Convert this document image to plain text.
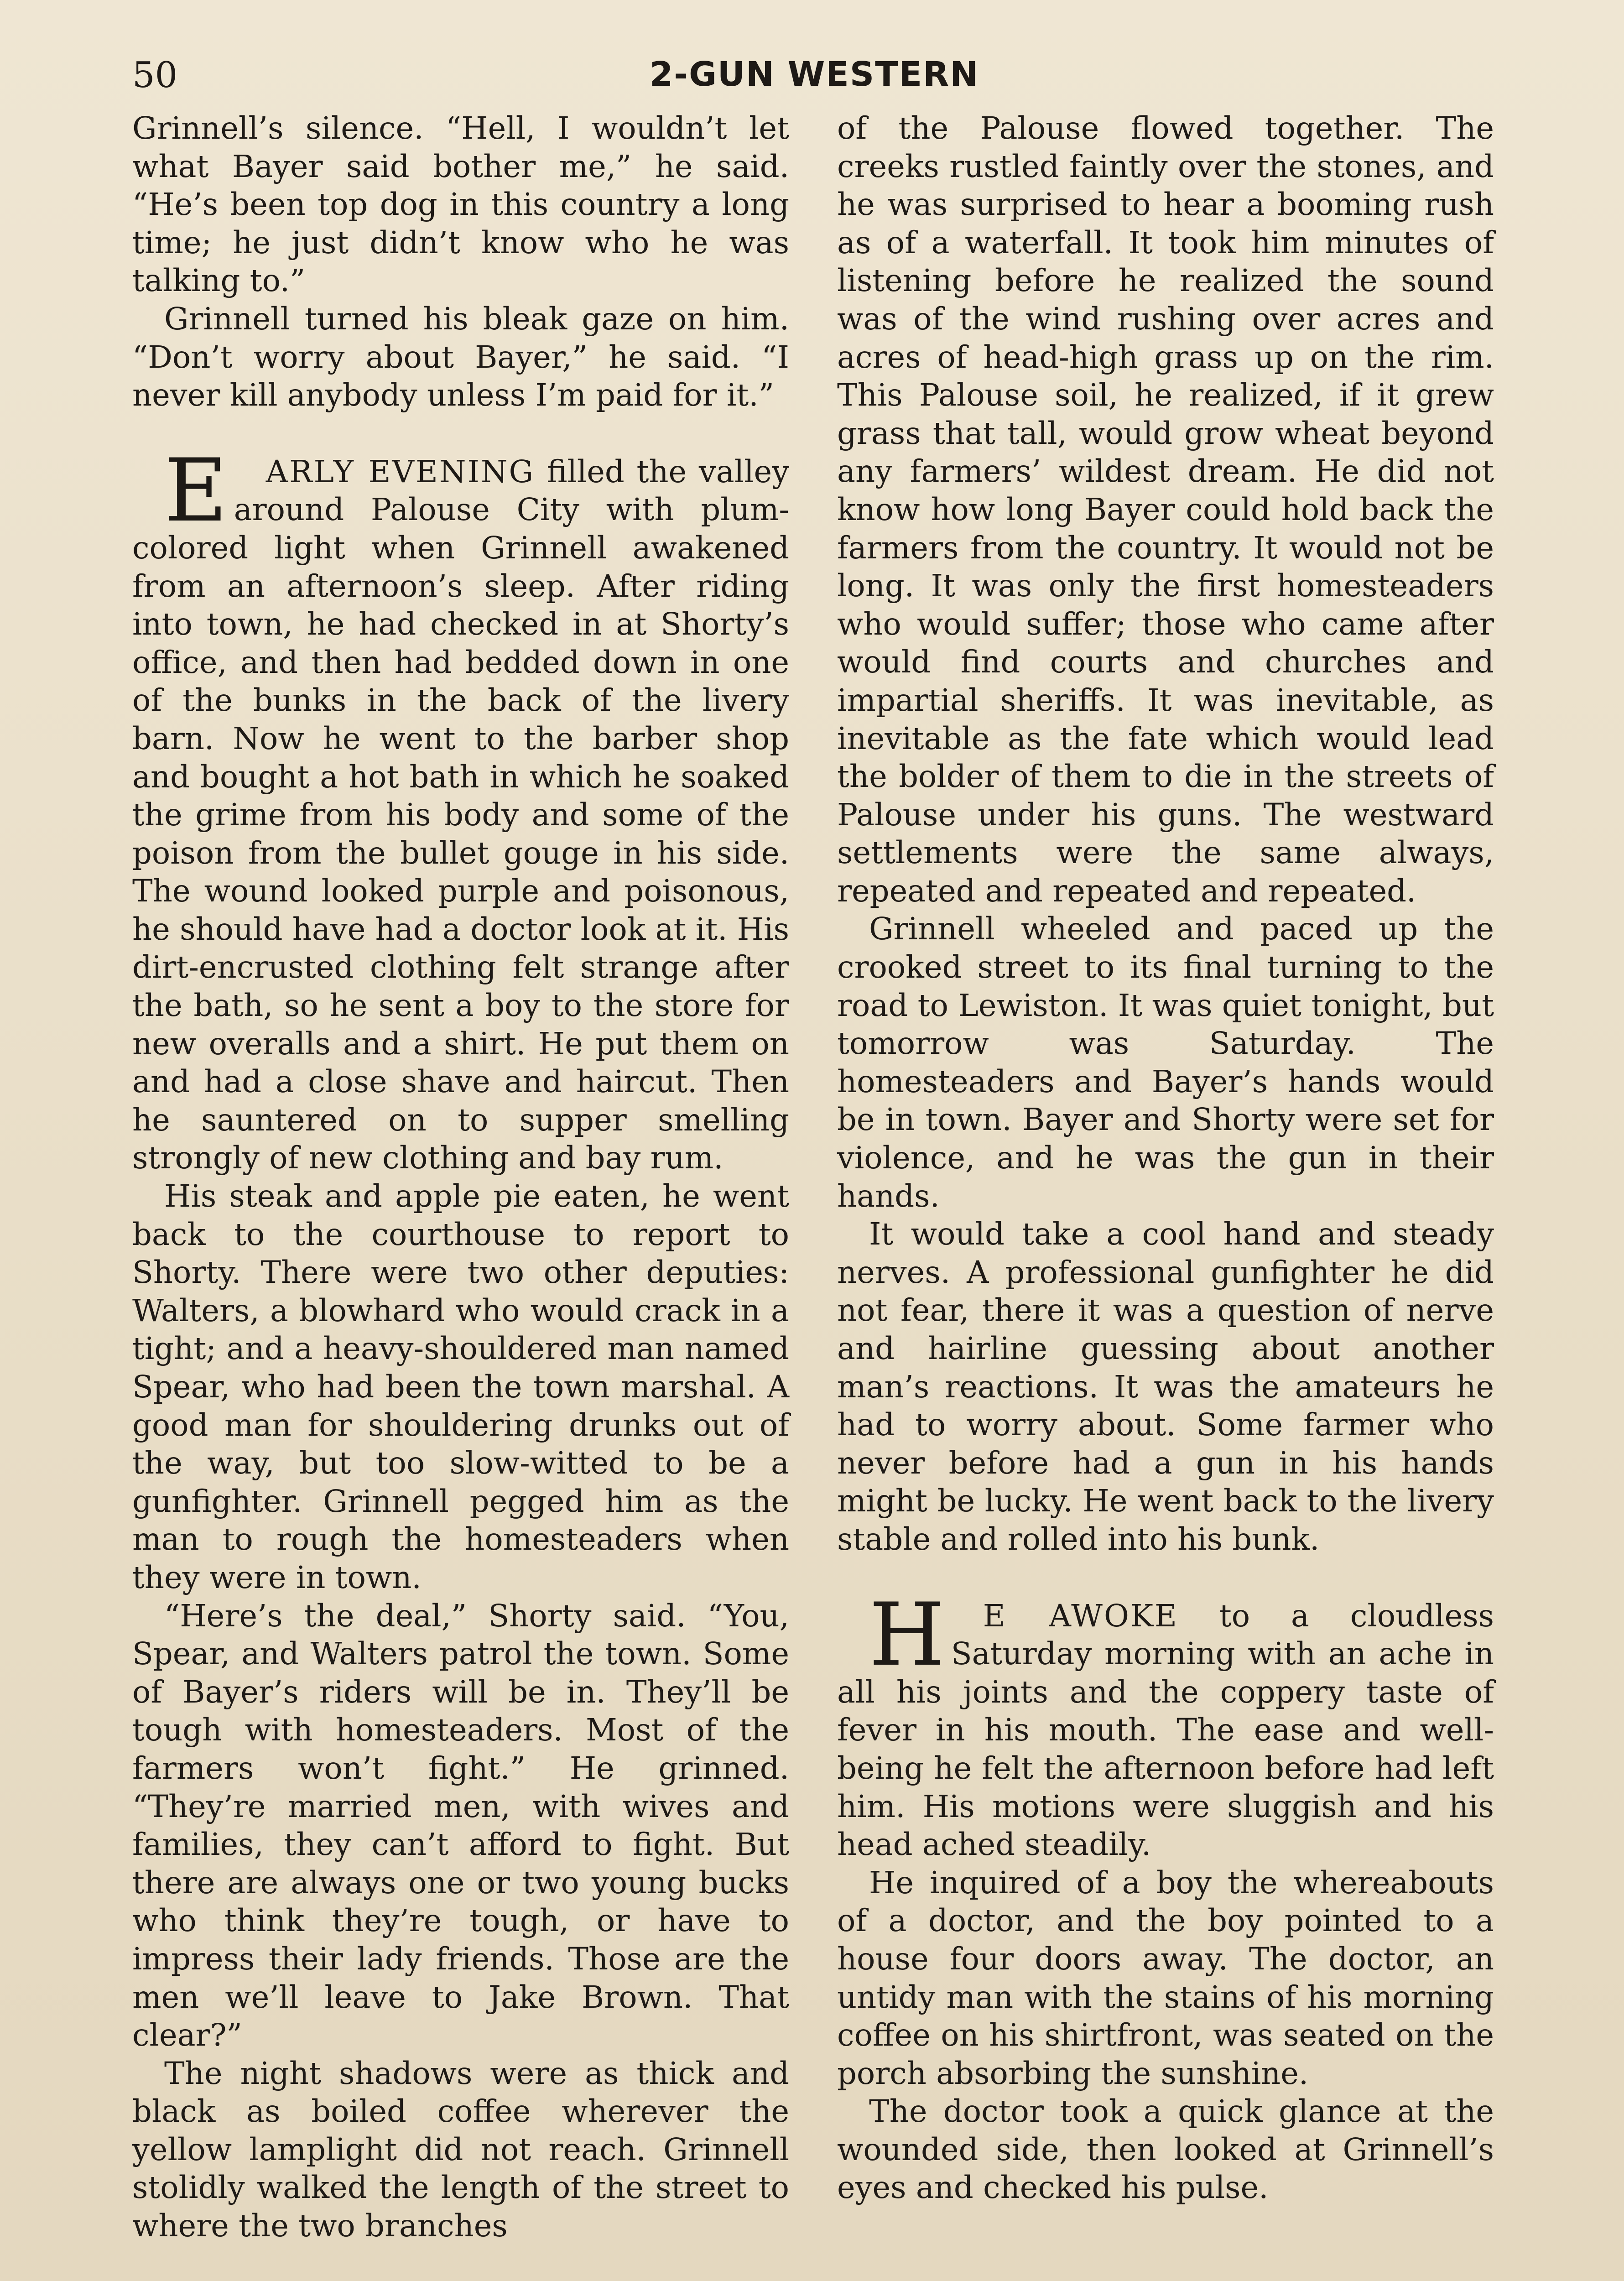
50	2-GUN WESTERN

Grinnell’s silence. “Hell, I wouldn’t let what Bayer said bother me,” he said. “He’s been top dog in this country a long time; he just didn’t know who he was talking to.”

Grinnell turned his bleak gaze on him. “Don’t worry about Bayer,” he said. “I never kill anybody unless I’m paid for it.”

E ARLY EVENING filled the valley around Palouse City with plum-colored light when Grinnell awakened from an afternoon’s sleep. After riding into town, he had checked in at Shorty’s office, and then had bedded down in one of the bunks in the back of the livery barn. Now he went to the barber shop and bought a hot bath in which he soaked the grime from his body and some of the poison from the bullet gouge in his side. The wound looked purple and poisonous, he should have had a doctor look at it. His dirt-encrusted clothing felt strange after the bath, so he sent a boy to the store for new overalls and a shirt. He put them on and had a close shave and haircut. Then he sauntered on to supper smelling strongly of new clothing and bay rum.

His steak and apple pie eaten, he went back to the courthouse to report to Shorty. There were two other deputies: Walters, a blowhard who would crack in a tight; and a heavy-shouldered man named Spear, who had been the town marshal. A good man for shouldering drunks out of the way, but too slow-witted to be a gunfighter. Grinnell pegged him as the man to rough the homesteaders when they were in town.

“Here’s the deal,” Shorty said. “You, Spear, and Walters patrol the town. Some of Bayer’s riders will be in. They’ll be tough with homesteaders. Most of the farmers won’t fight.” He grinned. “They’re married men, with wives and families, they can’t afford to fight. But there are always one or two young bucks who think they’re tough, or have to impress their lady friends. Those are the men we’ll leave to Jake Brown. That clear?”

The night shadows were as thick and black as boiled coffee wherever the yellow lamplight did not reach. Grinnell stolidly walked the length of the street to where the two branches

of the Palouse flowed together. The creeks rustled faintly over the stones, and he was surprised to hear a booming rush as of a waterfall. It took him minutes of listening before he realized the sound was of the wind rushing over acres and acres of head-high grass up on the rim. This Palouse soil, he realized, if it grew grass that tall, would grow wheat beyond any farmers’ wildest dream. He did not know how long Bayer could hold back the farmers from the country. It would not be long. It was only the first homesteaders who would suffer; those who came after would find courts and churches and impartial sheriffs. It was inevitable, as inevitable as the fate which would lead the bolder of them to die in the streets of Palouse under his guns. The westward settlements were the same always, repeated and repeated and repeated.

Grinnell wheeled and paced up the crooked street to its final turning to the road to Lewiston. It was quiet tonight, but tomorrow was Saturday. The homesteaders and Bayer’s hands would be in town. Bayer and Shorty were set for violence, and he was the gun in their hands.

It would take a cool hand and steady nerves. A professional gunfighter he did not fear, there it was a question of nerve and hairline guessing about another man’s reactions. It was the amateurs he had to worry about. Some farmer who never before had a gun in his hands might be lucky. He went back to the livery stable and rolled into his bunk.

H E AWOKE to a cloudless Saturday morning with an ache in all his joints and the coppery taste of fever in his mouth. The ease and well-being he felt the afternoon before had left him. His motions were sluggish and his head ached steadily.

He inquired of a boy the whereabouts of a doctor, and the boy pointed to a house four doors away. The doctor, an untidy man with the stains of his morning coffee on his shirtfront, was seated on the porch absorbing the sunshine.

The doctor took a quick glance at the wounded side, then looked at Grinnell’s eyes and checked his pulse.
